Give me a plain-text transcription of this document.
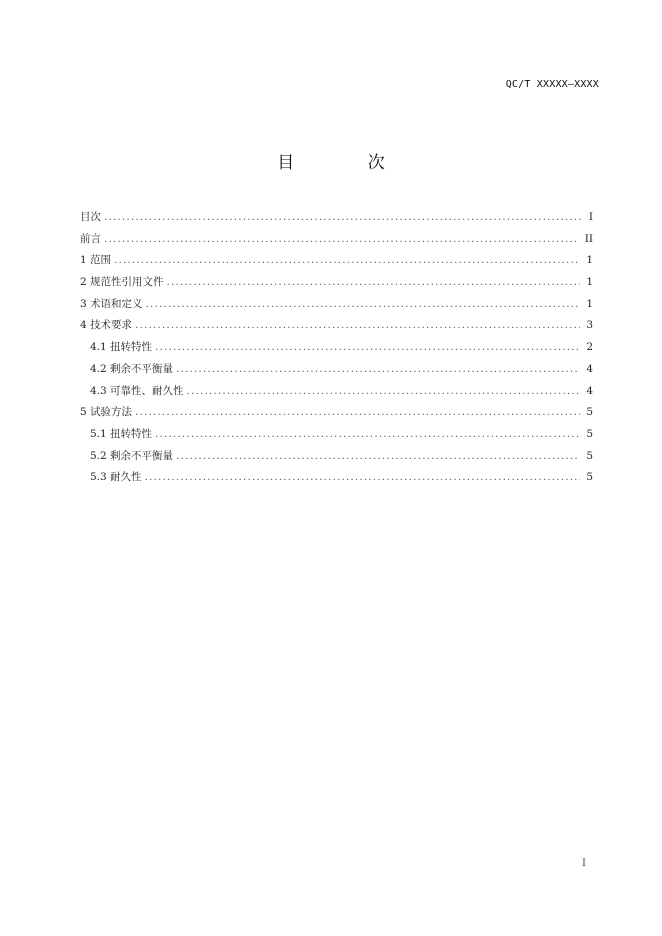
QC/T XXXXX—XXXX
目 次
目次 . . .	I
前言 . . .	II
1 范围 . . .	1
2 规范性引用文件 . . .	1
3 术语和定义 . . .	1
4 技术要求 . . .	3
4.1 扭转特性 . . .	2
4.2 剩余不平衡量 . . .	4
4.3 可靠性、耐久性 . . .	4
5 试验方法 . . .	5
5.1 扭转特性 . . .	5
5.2 剩余不平衡量 . . .	5
5.3 耐久性 . . .	5
I
